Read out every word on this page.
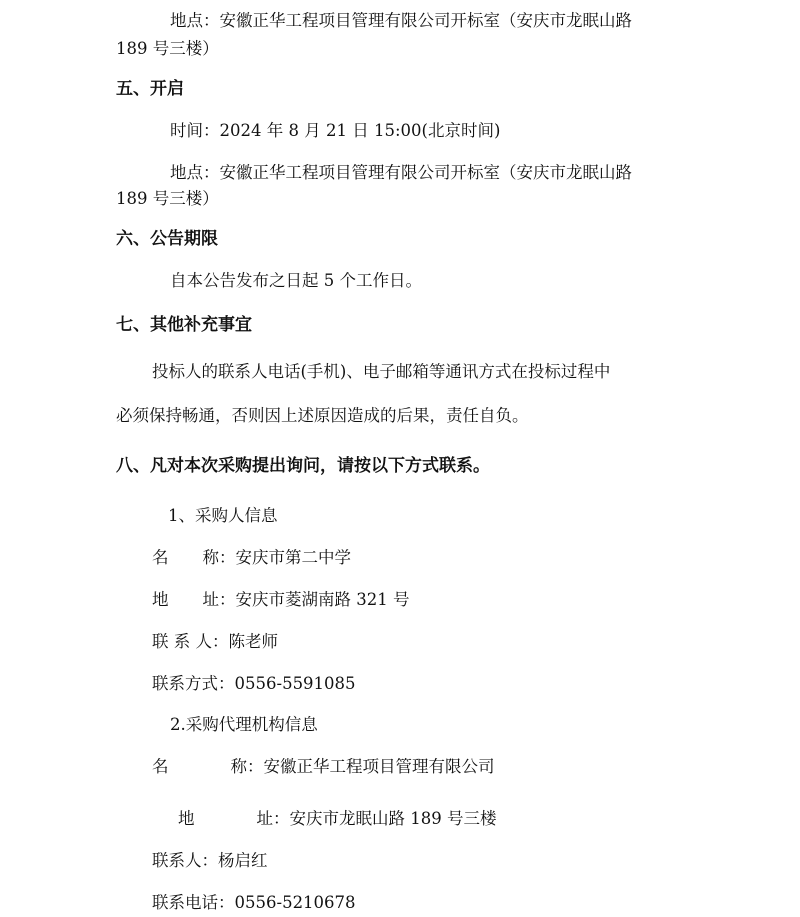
地点：安徽正华工程项目管理有限公司开标室（安庆市龙眠山路
189 号三楼）
五、开启
时间：2024 年 8 月 21 日 15:00(北京时间)
地点：安徽正华工程项目管理有限公司开标室（安庆市龙眠山路
189 号三楼）
六、公告期限
自本公告发布之日起 5 个工作日。
七、其他补充事宜
投标人的联系人电话(手机)、电子邮箱等通讯方式在投标过程中
必须保持畅通，否则因上述原因造成的后果，责任自负。
八、凡对本次采购提出询问，请按以下方式联系。
1、采购人信息
名 称：安庆市第二中学
地 址：安庆市菱湖南路 321 号
联 系 人：陈老师
联系方式：0556-5591085
2.采购代理机构信息
名	称：安徽正华工程项目管理有限公司
地	址：安庆市龙眠山路 189 号三楼
联系人：杨启红
联系电话：0556-5210678
